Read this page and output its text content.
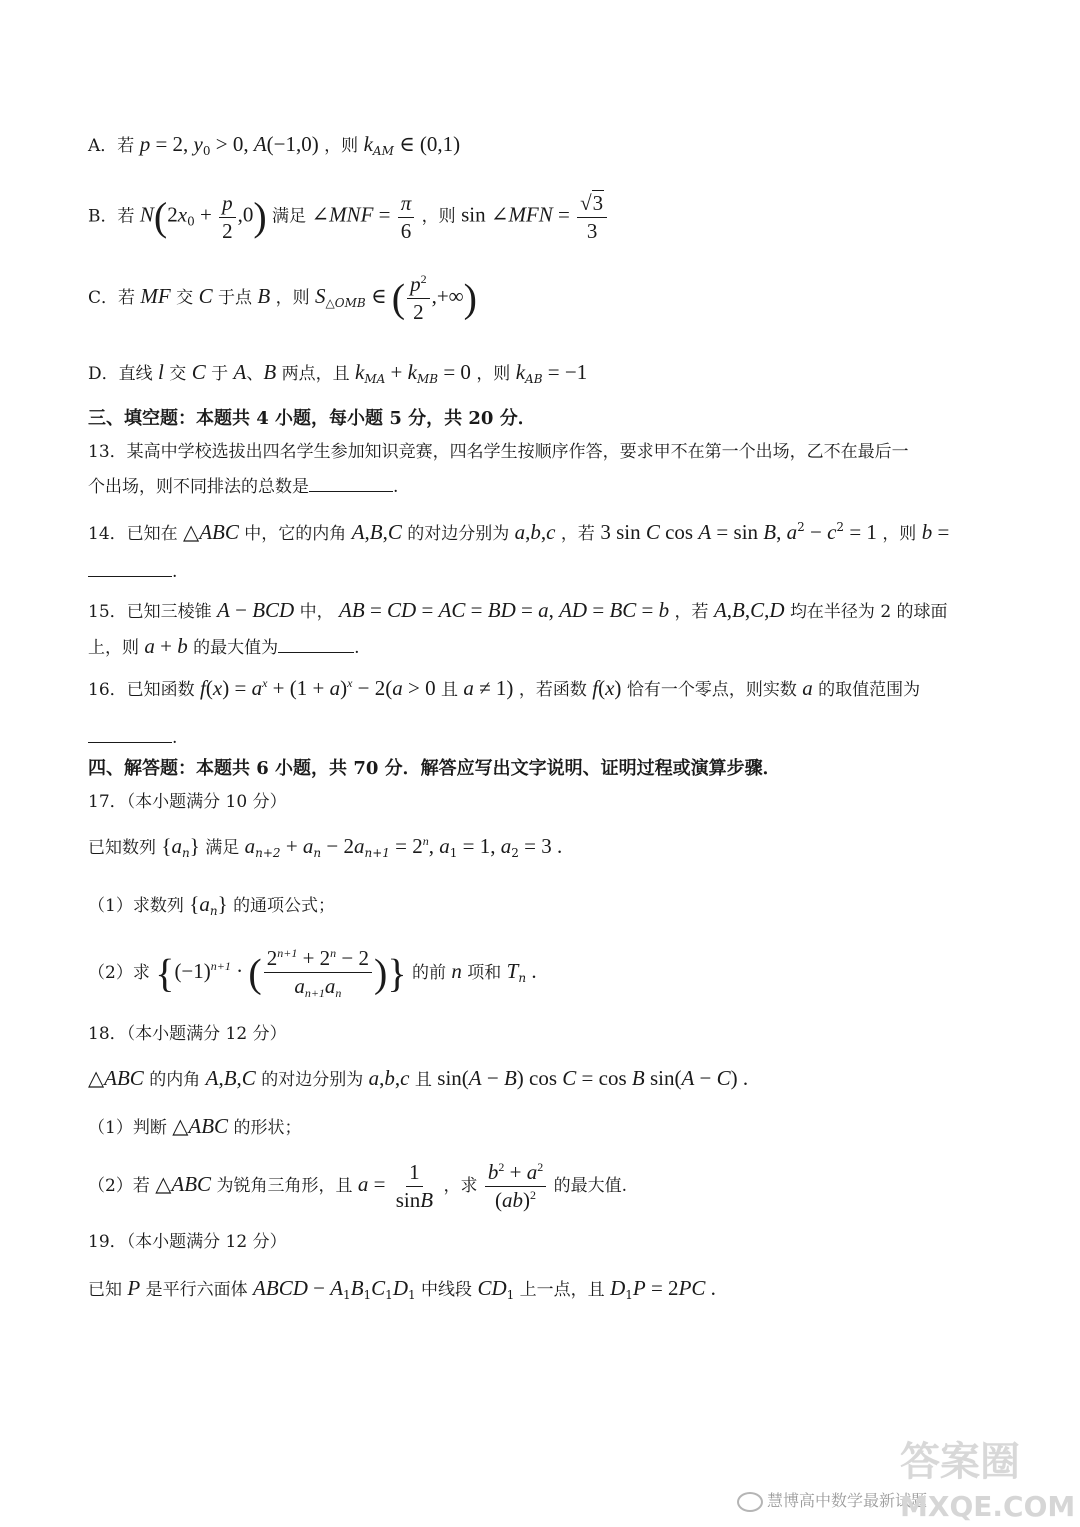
A．若 p = 2, $y_0 > 0$, A(−1,0) ，则 $k_{AM}$ ∈ (0,1)
B．若 $N(2x_0 + \frac{p}{2} ,0)$ 满足 ∠MNF = $\frac{\pi}{6}$ ，则 sin ∠MFN = $\frac{√3}{3}$
C．若 MF 交 C 于点 B ，则 $S_{\triangle OMB}$ ∈ ( $\frac{p^2}{2}$ ,+∞)
D．直线 l 交 C 于 A、B 两点，且 $k_{MA} + k_{MB} = 0$ ，则 $k_{AB} = -1$
三、填空题：本题共 4 小题，每小题 5 分，共 20 分．
13．某高中学校选拔出四名学生参加知识竞赛，四名学生按顺序作答，要求甲不在第一个出场，乙不在最后一
个出场，则不同排法的总数是	.
14．已知在 △ABC 中，它的内角 A,B,C 的对边分别为 a,b,c ，若 3 sin C cos A = sin B, $a^2 - c^2 = 1$ ，则 b =
.
15．已知三棱锥 A − BCD 中， AB = CD = AC = BD = a, AD = BC = b ，若 A,B,C,D 均在半径为 2 的球面
上，则 a + b 的最大值为	.
16．已知函数 $f(x) = a^x + (1 + a)^x - 2(a > 0$ 且 a ≠ 1) ，若函数 f(x) 恰有一个零点，则实数 a 的取值范围为
.
四、解答题：本题共 6 小题，共 70 分．解答应写出文字说明、证明过程或演算步骤．
17．（本小题满分 10 分）
已知数列 $\{a_n\}$ 满足 $a_{n+2} + a_n - 2a_{n+1} = 2^n$, $a_1 = 1$, $a_2 = 3$ .
（1）求数列 $\{a_n\}$ 的通项公式；
（2）求 {$(-1)^{n+1}$ · ( $\frac{2^{n+1} + 2^n - 2}{a_{n+1}a_n}$ )} 的前 n 项和 $T_n$ .
18．（本小题满分 12 分）
△ABC 的内角 A,B,C 的对边分别为 a,b,c 且 sin(A − B) cos C = cos B sin(A − C) .
（1）判断 △ABC 的形状；
（2）若 △ABC 为锐角三角形，且 $a = \frac{1}{\sin B}$ ，求 $\frac{b^2 + a^2}{(ab)^2}$ 的最大值.
19．（本小题满分 12 分）
已知 P 是平行六面体 ABCD − $A_1B_1C_1D_1$ 中线段 $CD_1$ 上一点，且 $D_1P = 2PC$ .
答案圈
慧博高中数学最新试题
MXQE.COM
